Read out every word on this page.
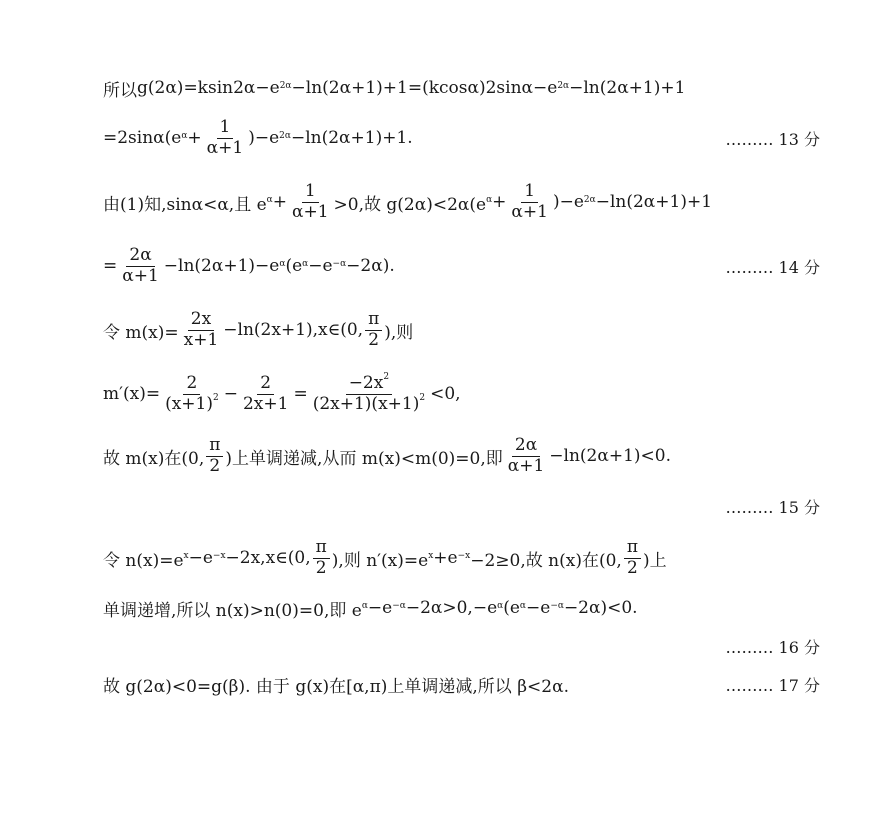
所以 $g(2\alpha)=ksin2\alpha-e^{2\alpha} -\ln(2\alpha+1)+1=(kcos\alpha)2\sin\alpha-e^{2\alpha} -\ln(2\alpha+1)+1$
$=2\sin\alpha(e^\alpha + \frac{1}{\alpha+1} )-e^{2\alpha} -\ln(2\alpha+1)+1$.	……… 13 分
由(1)知,sinα<α,且 $e^\alpha + \frac{1}{\alpha+1} >0$,故 $g(2\alpha)<2\alpha(e^\alpha + \frac{1}{\alpha+1} )-e^{2\alpha} -\ln(2\alpha+1)+1$
= $\frac{2\alpha}{\alpha+1} -\ln(2\alpha+1)-e^\alpha$ $(e^\alpha -e^{-\alpha} -2\alpha)$.	……… 14 分
令 $m(x)= \frac{2x}{x+1}$ −ln(2x+1),x∈(0, $\frac{\pi}{2}$ ),则
$m'(x)= \frac{2}{(x+1)^2} - \frac{2}{2x+1} = \frac{-2x^2}{(2x+1)(x+1)^2} <0$,
故 m(x)在(0, $\frac{\pi}{2}$ )上单调递减,从而 m(x)<m(0)=0,即 $\frac{2\alpha}{\alpha+1} -\ln(2\alpha+1)<0$.
……… 15 分
令 $n(x)=e^x -e^{-x}$ −2x,x∈(0, $\frac{\pi}{2}$ ),则 $n'(x)=e^x +e^{-x} -2\ge 0$,故 n(x)在(0, $\frac{\pi}{2}$ )上
单调递增,所以 n(x)>n(0)=0,即 $e^\alpha -e^{-\alpha} -2\alpha>0,-e^\alpha$ $(e^\alpha -e^{-\alpha} -2\alpha)<0$.
……… 16 分
故 g(2α)<0=g(β). 由于 g(x)在[α,π)上单调递减,所以 β<2α.	……… 17 分
